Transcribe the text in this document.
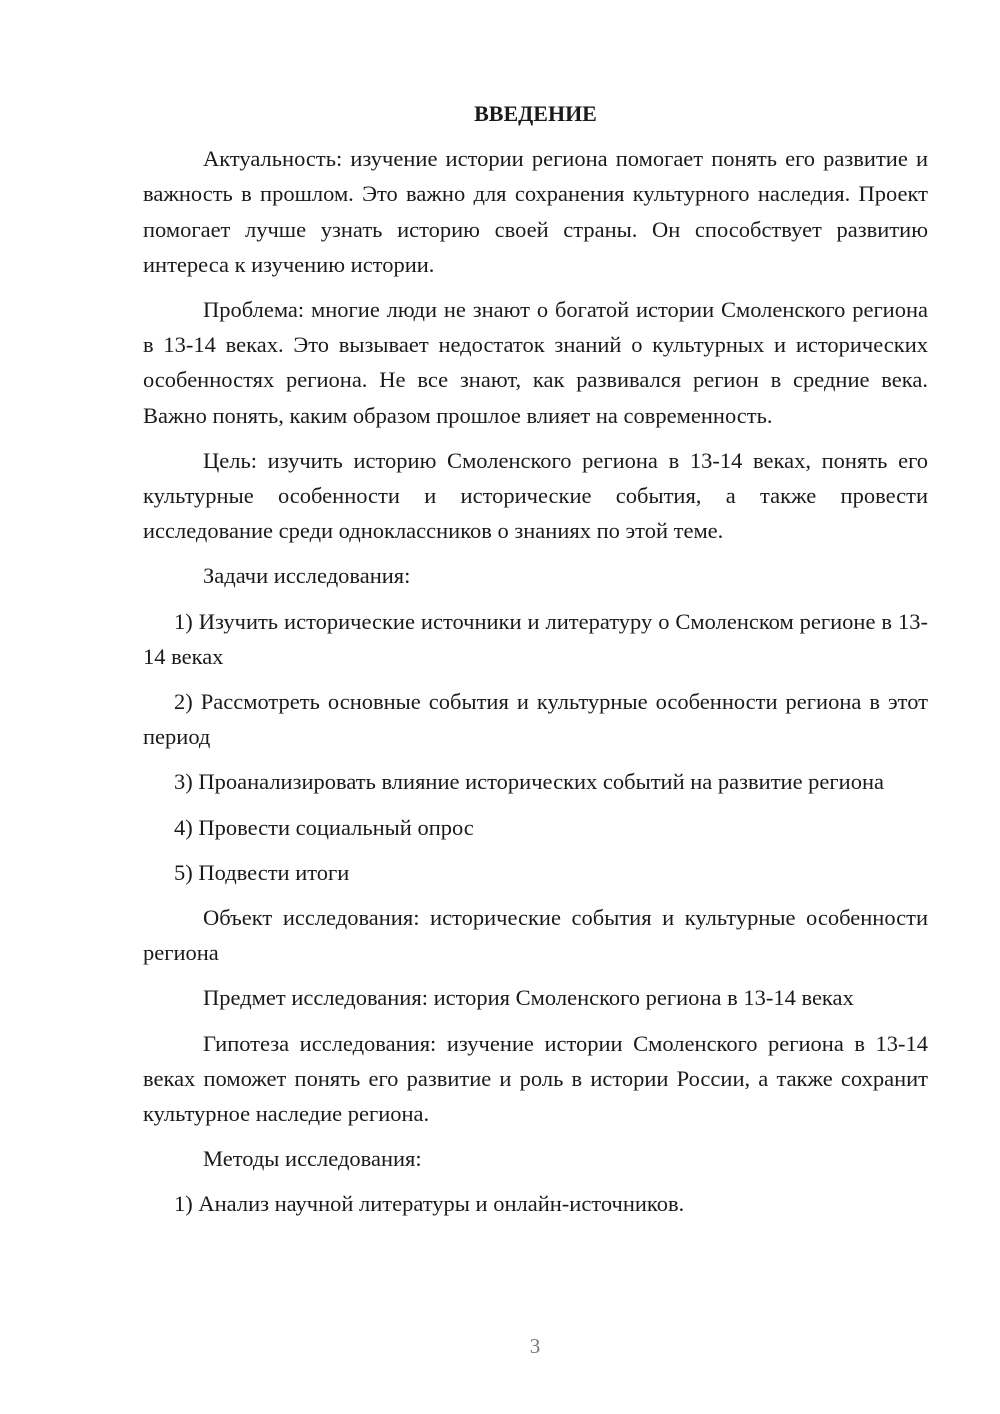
ВВЕДЕНИЕ

Актуальность: изучение истории региона помогает понять его развитие и важность в прошлом. Это важно для сохранения культурного наследия. Проект помогает лучше узнать историю своей страны. Он способствует развитию интереса к изучению истории.

Проблема: многие люди не знают о богатой истории Смоленского региона в 13-14 веках. Это вызывает недостаток знаний о культурных и исторических особенностях региона. Не все знают, как развивался регион в средние века. Важно понять, каким образом прошлое влияет на современность.

Цель: изучить историю Смоленского региона в 13-14 веках, понять его культурные особенности и исторические события, а также провести исследование среди одноклассников о знаниях по этой теме.

Задачи исследования:

1) Изучить исторические источники и литературу о Смоленском регионе в 13-14 веках

2) Рассмотреть основные события и культурные особенности региона в этот период

3) Проанализировать влияние исторических событий на развитие региона

4) Провести социальный опрос

5) Подвести итоги

Объект исследования: исторические события и культурные особенности региона

Предмет исследования: история Смоленского региона в 13-14 веках

Гипотеза исследования: изучение истории Смоленского региона в 13-14 веках поможет понять его развитие и роль в истории России, а также сохранит культурное наследие региона.

Методы исследования:

1) Анализ научной литературы и онлайн-источников.

3
